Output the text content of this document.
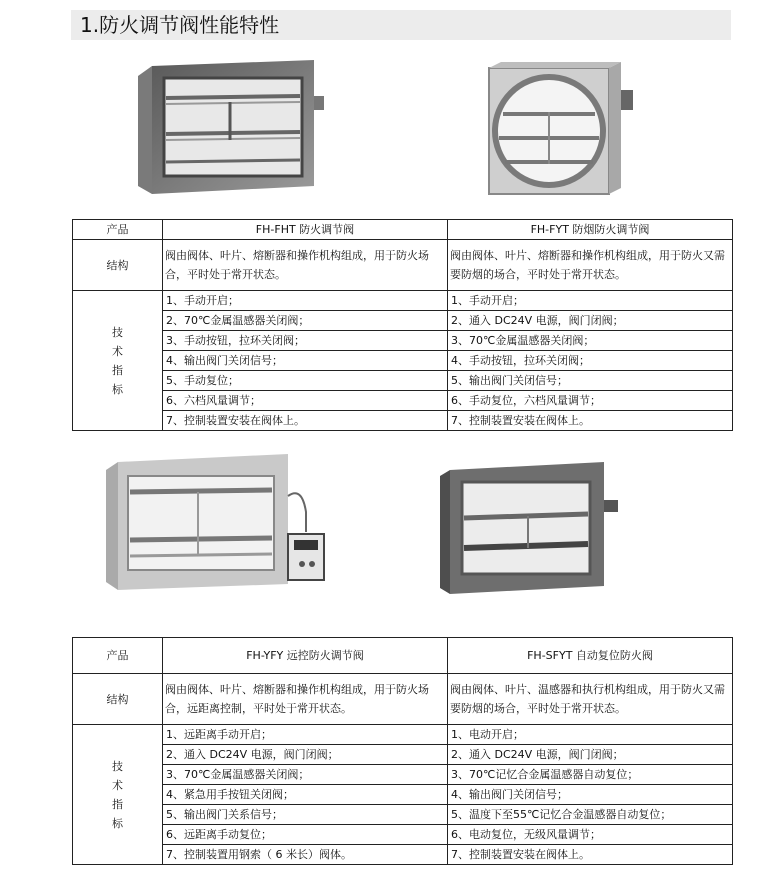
1.防火调节阀性能特性
产品	FH-FHT 防火调节阀	FH-FYT 防烟防火调节阀
结构	阀由阀体、叶片、熔断器和操作机构组成，用于防火场合，平时处于常开状态。	阀由阀体、叶片、熔断器和操作机构组成，用于防火又需要防烟的场合，平时处于常开状态。

技
术
指
标	1、手动开启；	1、手动开启；
	2、70℃金属温感器关闭阀；	2、通入 DC24V 电源，阀门闭阀；
	3、手动按钮，拉环关闭阀；	3、70℃金属温感器关闭阀；
	4、输出阀门关闭信号；	4、手动按钮，拉环关闭阀；
	5、手动复位；	5、输出阀门关闭信号；
	6、六档风量调节；	6、手动复位，六档风量调节；
	7、控制装置安装在阀体上。	7、控制装置安装在阀体上。
产品	FH-YFY 远控防火调节阀	FH-SFYT 自动复位防火阀
结构	阀由阀体、叶片、熔断器和操作机构组成，用于防火场合，远距离控制，平时处于常开状态。	阀由阀体、叶片、温感器和执行机构组成，用于防火又需要防烟的场合，平时处于常开状态。

技
术
指
标	1、远距离手动开启；	1、电动开启；
	2、通入 DC24V 电源，阀门闭阀；	2、通入 DC24V 电源，阀门闭阀；
	3、70℃金属温感器关闭阀；	3、70℃记忆合金属温感器自动复位；
	4、紧急用手按钮关闭阀；	4、输出阀门关闭信号；
	5、输出阀门关系信号；	5、温度下至55℃记忆合金温感器自动复位；
	6、远距离手动复位；	6、电动复位，无级风量调节；
	7、控制装置用钢索（ 6 米长）阀体。	7、控制装置安装在阀体上。
